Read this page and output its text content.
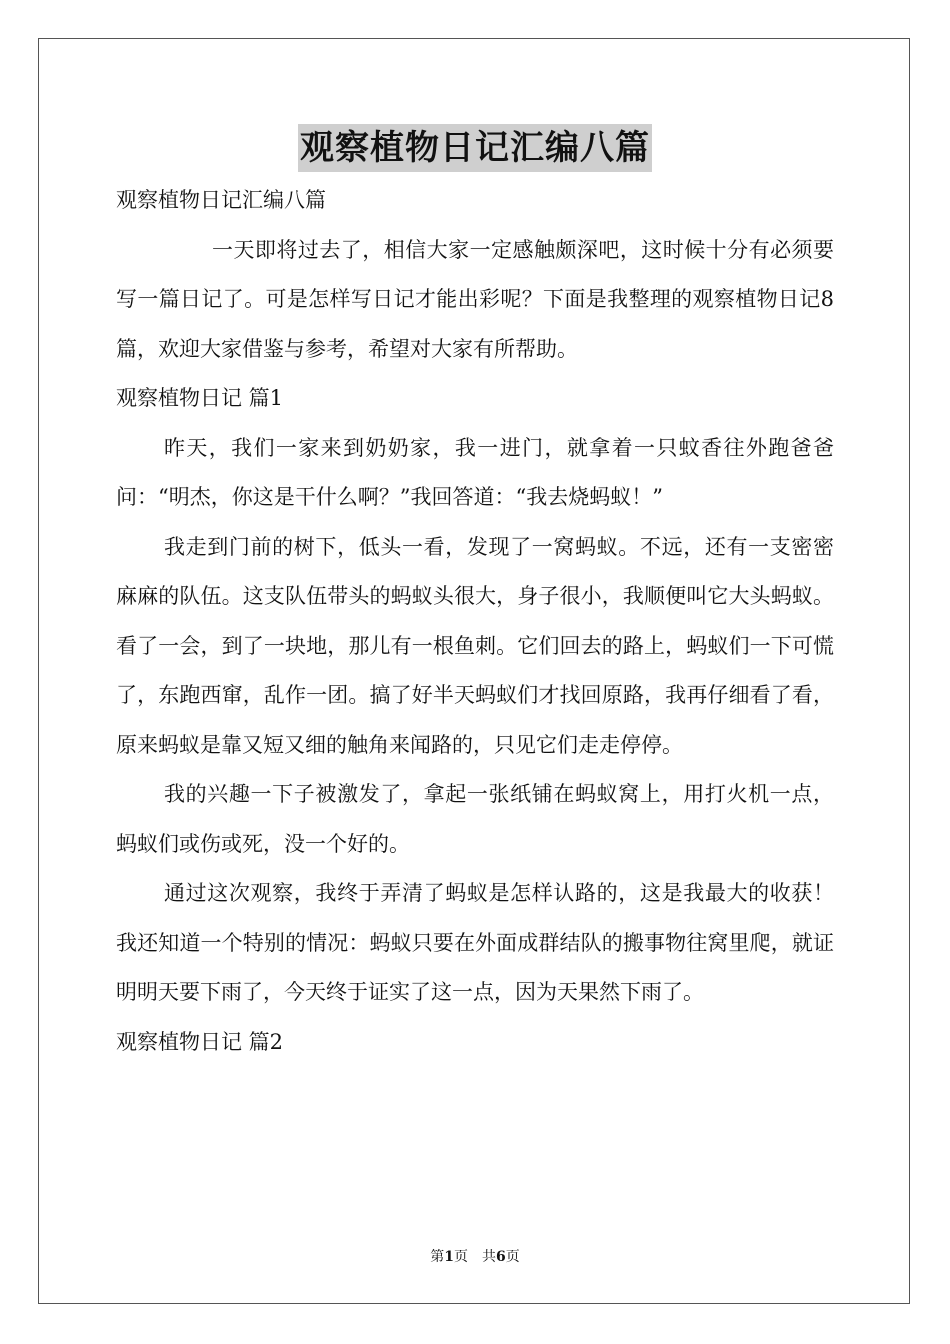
观察植物日记汇编八篇
观察植物日记汇编八篇
一天即将过去了，相信大家一定感触颇深吧，这时候十分有必须要写一篇日记了。可是怎样写日记才能出彩呢？下面是我整理的观察植物日记8篇，欢迎大家借鉴与参考，希望对大家有所帮助。
观察植物日记 篇1
昨天，我们一家来到奶奶家，我一进门，就拿着一只蚊香往外跑爸爸问：“明杰，你这是干什么啊？”我回答道：“我去烧蚂蚁！”
我走到门前的树下，低头一看，发现了一窝蚂蚁。不远，还有一支密密麻麻的队伍。这支队伍带头的蚂蚁头很大，身子很小，我顺便叫它大头蚂蚁。看了一会，到了一块地，那儿有一根鱼刺。它们回去的路上，蚂蚁们一下可慌了，东跑西窜，乱作一团。搞了好半天蚂蚁们才找回原路，我再仔细看了看，原来蚂蚁是靠又短又细的触角来闻路的，只见它们走走停停。
我的兴趣一下子被激发了，拿起一张纸铺在蚂蚁窝上，用打火机一点，蚂蚁们或伤或死，没一个好的。
通过这次观察，我终于弄清了蚂蚁是怎样认路的，这是我最大的收获！我还知道一个特别的情况：蚂蚁只要在外面成群结队的搬事物往窝里爬，就证明明天要下雨了，今天终于证实了这一点，因为天果然下雨了。
观察植物日记 篇2
第1页　共6页
